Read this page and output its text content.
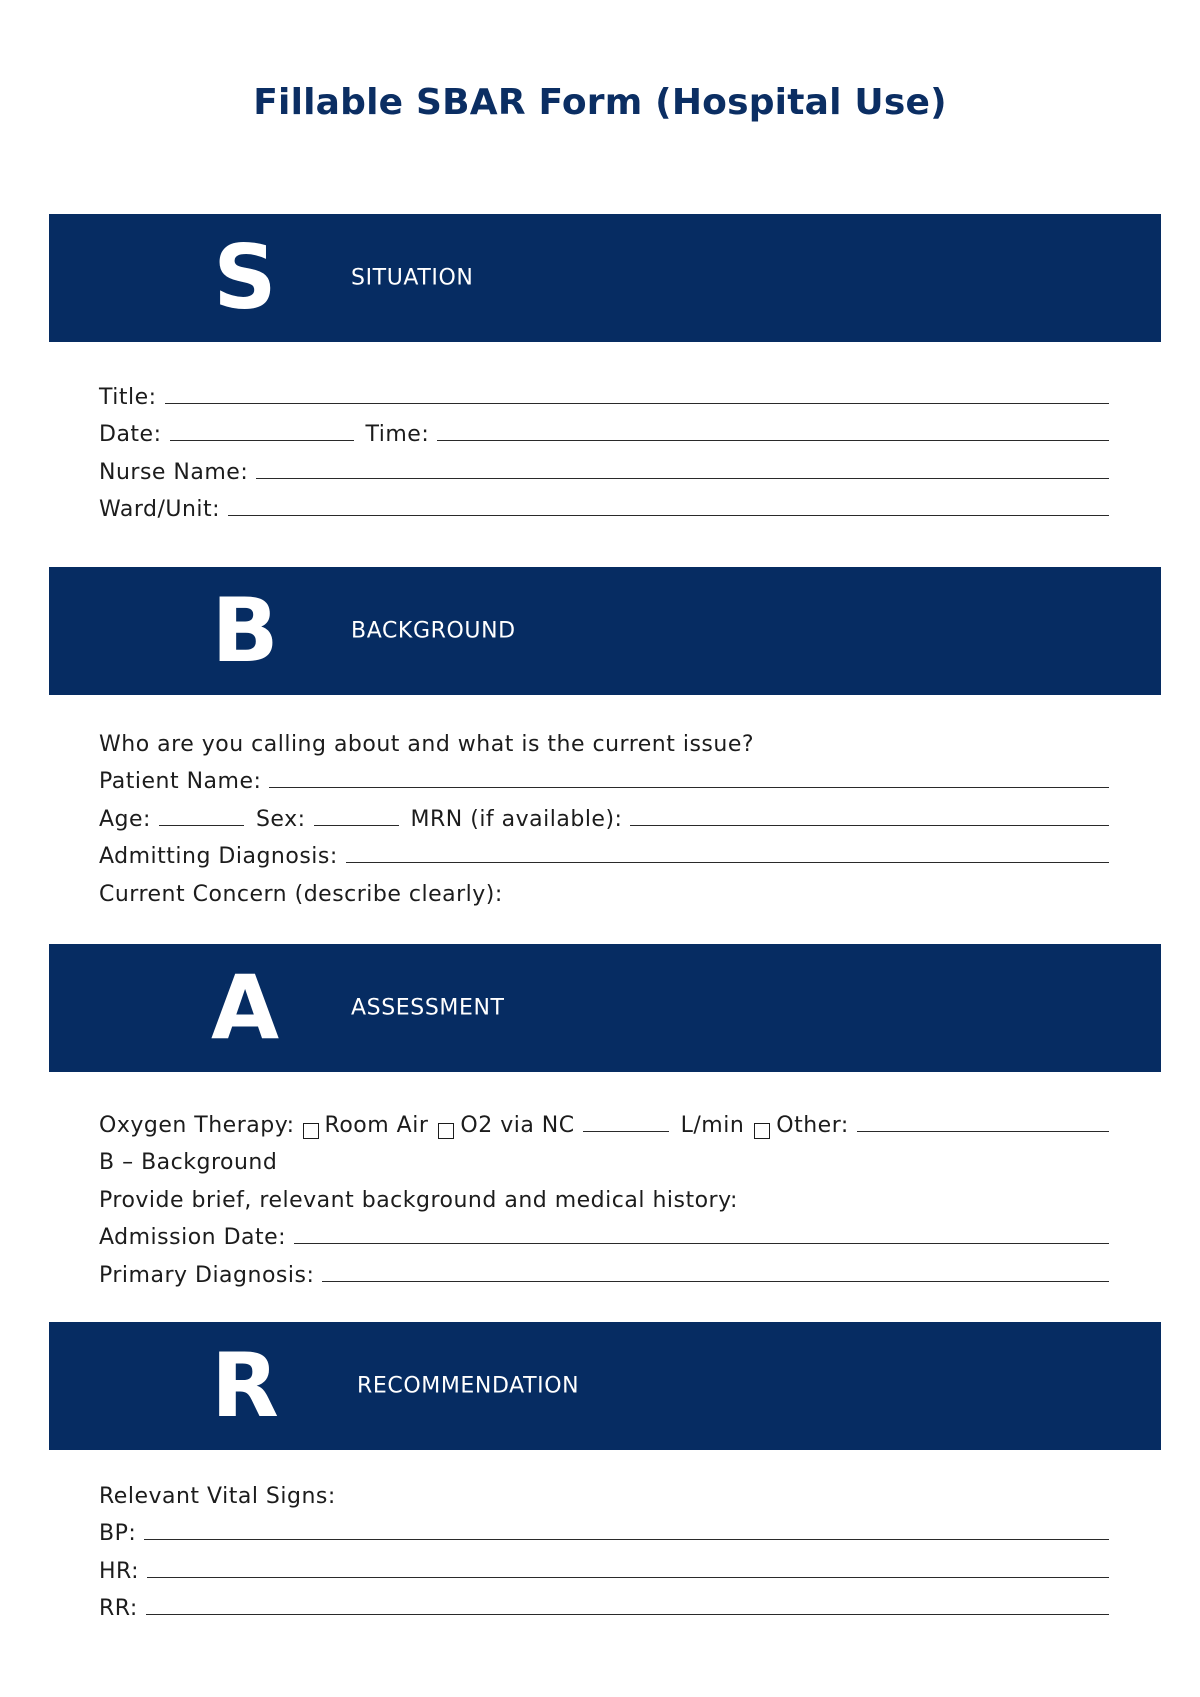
Fillable SBAR Form (Hospital Use)
S	SITUATION
Title:
Date:	Time:
Nurse Name:
Ward/Unit:
B	BACKGROUND
Who are you calling about and what is the current issue?
Patient Name:
Age:	Sex:	MRN (if available):
Admitting Diagnosis:
Current Concern (describe clearly):
A	ASSESSMENT
Oxygen Therapy: Room Air O2 via NC	L/min Other:
B – Background
Provide brief, relevant background and medical history:
Admission Date:
Primary Diagnosis:
R	RECOMMENDATION
Relevant Vital Signs:
BP:
HR:
RR:
